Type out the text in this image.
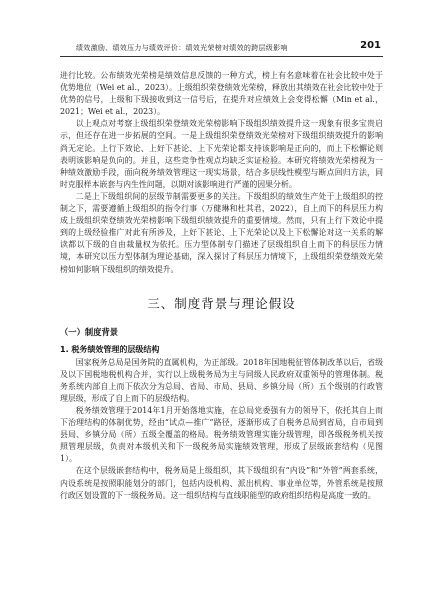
绩效激励、绩效压力与绩效评价：绩效光荣榜对绩效的跨层级影响	201

进行比较。公布绩效光荣榜是绩效信息反馈的一种方式，榜上有名意味着在社会比较中处于优势地位（Wei et al.，2023）。上级组织荣登绩效光荣榜，释放出其绩效在社会比较中处于优势的信号，上级和下级接收到这一信号后，在提升对应绩效上会变得松懈（Min et al.，2021；Wei et al.，2023）。

以上观点对考察上级组织荣登绩效光荣榜影响下级组织绩效提升这一现象有很多宝贵启示，但还存在进一步拓展的空间。一是上级组织荣登绩效光荣榜对下级组织绩效提升的影响尚无定论。上行下效论、上好下甚论、上下光荣论都支持该影响是正向的，而上下松懈论则表明该影响是负向的。并且，这些竞争性观点均缺乏实证检验。本研究将绩效光荣榜视为一种绩效激励手段，面向税务绩效管理这一现实场景，结合多层线性模型与断点回归方法，同时克服样本嵌套与内生性问题，以期对该影响进行严谨的因果分析。

二是上下级组织间的层级节制需要更多的关注。下级组织的绩效生产处于上级组织的控制之下，需要遵循上级组织的指令行事（万健琳和杜其君，2022），自上而下的科层压力构成上级组织荣登绩效光荣榜影响下级组织绩效提升的重要情境。然而，只有上行下效论中提到的上级经验推广对此有所涉及，上好下甚论、上下光荣论以及上下松懈论对这一关系的解读都以下级的自由裁量权为依托。压力型体制专门描述了层级组织自上而下的科层压力情境，本研究以压力型体制为理论基础，深入探讨了科层压力情境下，上级组织荣登绩效光荣榜如何影响下级组织的绩效提升。

三、制度背景与理论假设
（一）制度背景
1. 税务绩效管理的层级结构

国家税务总局是国务院的直属机构，为正部级。2018年国地税征管体制改革以后，省级及以下国税地税机构合并，实行以上级税务局为主与同级人民政府双重领导的管理体制。税务系统内部自上而下依次分为总局、省局、市局、县局、乡镇分局（所）五个级别的行政管理层级，形成了自上而下的层级结构。

税务绩效管理于2014年1月开始落地实施，在总局党委强有力的领导下，依托其自上而下治理结构的体制优势，经由“试点—推广”路径，逐渐形成了自税务总局到省局，自市局到县局、乡镇分局（所）五级全覆盖的格局。税务绩效管理实施分级管理，即各级税务机关按照管理层级，负责对本级机关和下一级税务局实施绩效管理，形成了层级嵌套结构（见图1）。

在这个层级嵌套结构中，税务局是上级组织，其下级组织有“内设”和“外管”两套系统，内设系统是按照职能划分的部门，包括内设机构、派出机构、事业单位等，外管系统是按照行政区划设置的下一级税务局。这一组织结构与直线职能型的政府组织结构是高度一致的。
